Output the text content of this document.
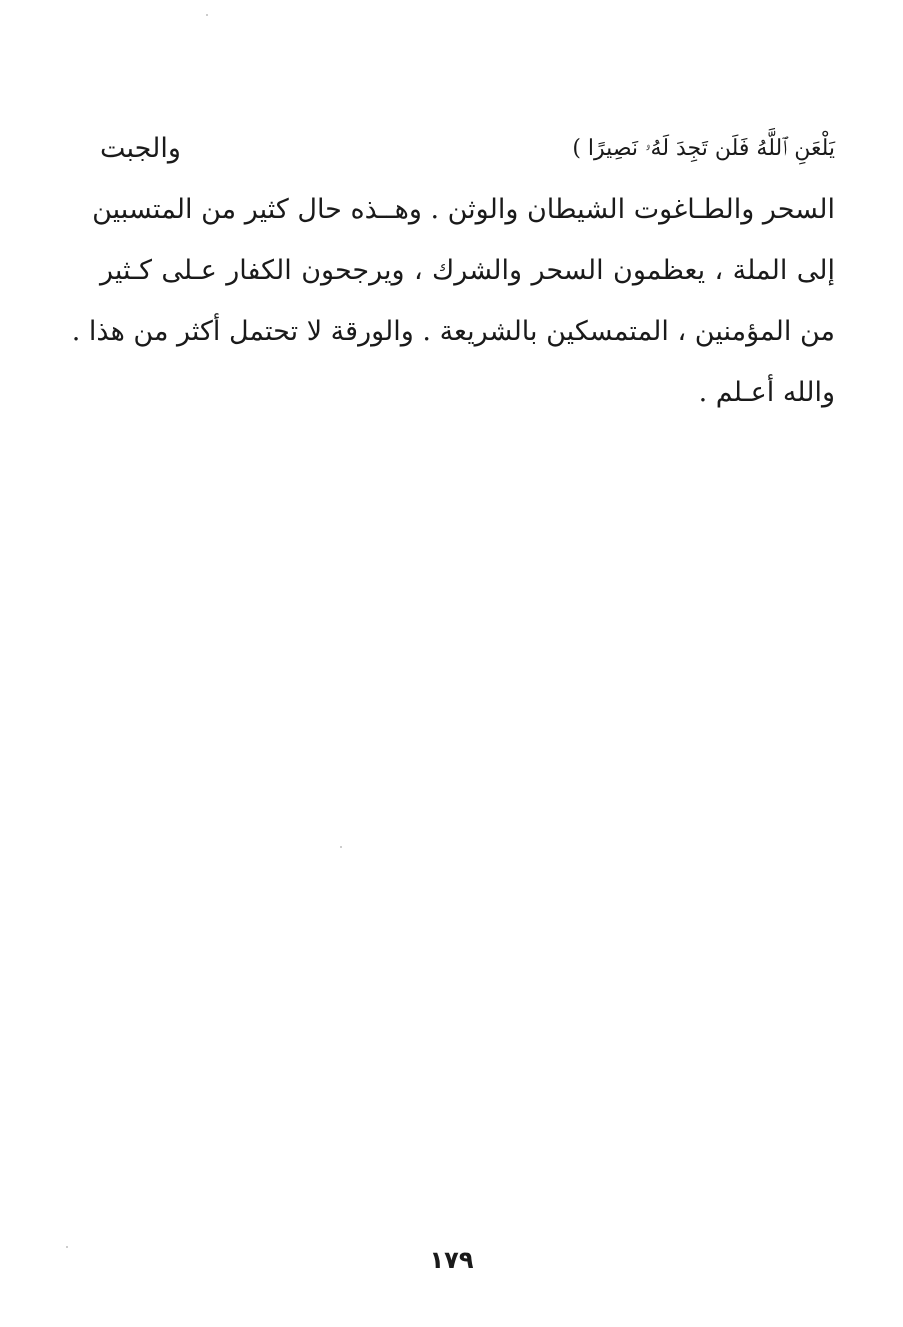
يَلْعَنِ ٱللَّهُ فَلَن تَجِدَ لَهُۥ نَصِيرًا )
والجبت
السحر والطـاغوت الشيطان والوثن . وهــذه حال كثير من المتسبين
إلى الملة ، يعظمون السحر والشرك ، ويرجحون الكفار عـلى كـثير
من المؤمنين ، المتمسكين بالشريعة . والورقة لا تحتمل أكثر من هذا .
والله أعـلم .
١٧٩
